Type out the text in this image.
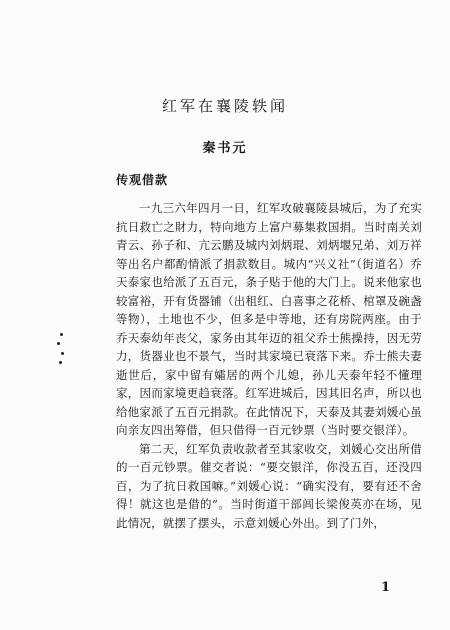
红军在襄陵轶闻
秦书元
传观借款

一九三六年四月一日，红军攻破襄陵县城后，为了充实抗日救亡之財力，特向地方上富户募集救国捐。当时南关刘青云、孙子和、亢云鹏及城内刘炳琨、刘炳堰兄弟、刘万祥等出名户都酌情派了捐款数目。城内“兴义社”（街道名）乔天泰家也给派了五百元，条子贴于他的大门上。说来他家也较富裕，开有货器铺（出租红、白喜事之花桥、棺罩及碗盏等物），土地也不少，但多是中等地，还有房院两座。由于乔天泰幼年丧父，家务由其年迈的祖父乔士熊操持，因无劳力，货器业也不景气，当时其家境已衰落下来。乔士熊夫妻逝世后，家中留有孀居的两个儿媳，孙儿天泰年轻不懂理家，因而家境更趋衰落。红军进城后，因其旧名声，所以也给他家派了五百元捐款。在此情况下，天泰及其妻刘媛心虽向亲友四出筹借，但只借得一百元钞票（当时要交银洋）。

第二天，红军负责收款者至其家收交，刘媛心交出所借的一百元钞票。催交者说：“要交银洋，你没五百，还没四百，为了抗日救国嘛。”刘媛心说：“确实没有，要有还不舍得！就这也是借的”。当时街道干部闾长梁俊英亦在场，见此情况，就摆了摆头，示意刘媛心外出。到了门外，

1
